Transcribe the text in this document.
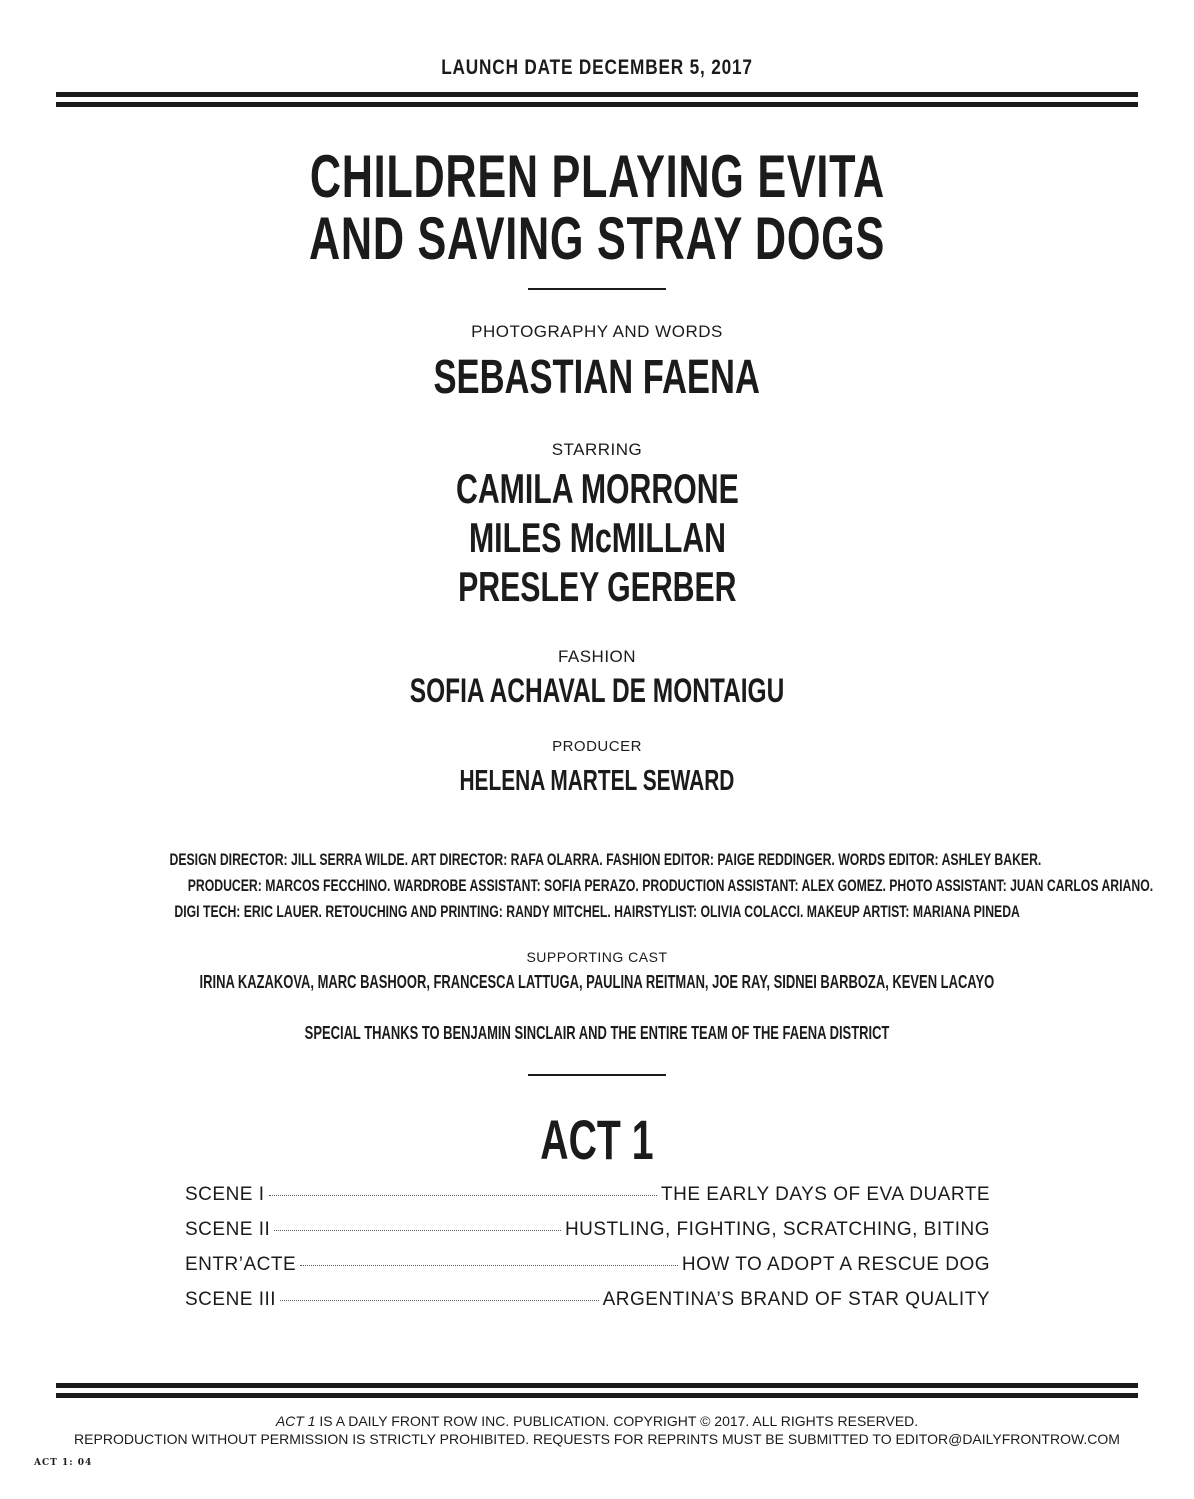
LAUNCH DATE DECEMBER 5, 2017
CHILDREN PLAYING EVITA
AND SAVING STRAY DOGS
PHOTOGRAPHY AND WORDS
SEBASTIAN FAENA
STARRING
CAMILA MORRONE
MILES McMILLAN
PRESLEY GERBER
FASHION
SOFIA ACHAVAL DE MONTAIGU
PRODUCER
HELENA MARTEL SEWARD
DESIGN DIRECTOR: JILL SERRA WILDE. ART DIRECTOR: RAFA OLARRA. FASHION EDITOR: PAIGE REDDINGER. WORDS EDITOR: ASHLEY BAKER.
PRODUCER: MARCOS FECCHINO. WARDROBE ASSISTANT: SOFIA PERAZO. PRODUCTION ASSISTANT: ALEX GOMEZ. PHOTO ASSISTANT: JUAN CARLOS ARIANO.
DIGI TECH: ERIC LAUER. RETOUCHING AND PRINTING: RANDY MITCHEL. HAIRSTYLIST: OLIVIA COLACCI. MAKEUP ARTIST: MARIANA PINEDA
SUPPORTING CAST
IRINA KAZAKOVA, MARC BASHOOR, FRANCESCA LATTUGA, PAULINA REITMAN, JOE RAY, SIDNEI BARBOZA, KEVEN LACAYO
SPECIAL THANKS TO BENJAMIN SINCLAIR AND THE ENTIRE TEAM OF THE FAENA DISTRICT
ACT 1
SCENE I	THE EARLY DAYS OF EVA DUARTE
SCENE II	HUSTLING, FIGHTING, SCRATCHING, BITING
ENTR’ACTE	HOW TO ADOPT A RESCUE DOG
SCENE III	ARGENTINA’S BRAND OF STAR QUALITY
ACT 1 IS A DAILY FRONT ROW INC. PUBLICATION. COPYRIGHT © 2017. ALL RIGHTS RESERVED.
REPRODUCTION WITHOUT PERMISSION IS STRICTLY PROHIBITED. REQUESTS FOR REPRINTS MUST BE SUBMITTED TO EDITOR@DAILYFRONTROW.COM
ACT 1: 04
